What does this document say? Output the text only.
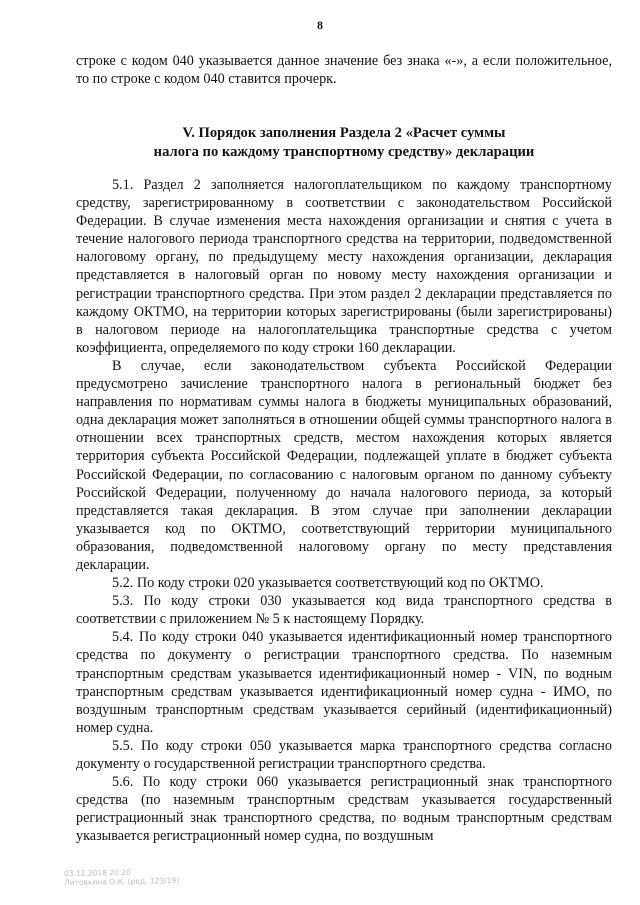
8
строке с кодом 040 указывается данное значение без знака «-», а если положительное, то по строке с кодом 040 ставится прочерк.
V. Порядок заполнения Раздела 2 «Расчет суммы
налога по каждому транспортному средству» декларации

5.1. Раздел 2 заполняется налогоплательщиком по каждому транспортному средству, зарегистрированному в соответствии с законодательством Российской Федерации. В случае изменения места нахождения организации и снятия с учета в течение налогового периода транспортного средства на территории, подведомственной налоговому органу, по предыдущему месту нахождения организации, декларация представляется в налоговый орган по новому месту нахождения организации и регистрации транспортного средства. При этом раздел 2 декларации представляется по каждому ОКТМО, на территории которых зарегистрированы (были зарегистрированы) в налоговом периоде на налогоплательщика транспортные средства с учетом коэффициента, определяемого по коду строки 160 декларации.

В случае, если законодательством субъекта Российской Федерации предусмотрено зачисление транспортного налога в региональный бюджет без направления по нормативам суммы налога в бюджеты муниципальных образований, одна декларация может заполняться в отношении общей суммы транспортного налога в отношении всех транспортных средств, местом нахождения которых является территория субъекта Российской Федерации, подлежащей уплате в бюджет субъекта Российской Федерации, по согласованию с налоговым органом по данному субъекту Российской Федерации, полученному до начала налогового периода, за который представляется такая декларация. В этом случае при заполнении декларации указывается код по ОКТМО, соответствующий территории муниципального образования, подведомственной налоговому органу по месту представления декларации.

5.2. По коду строки 020 указывается соответствующий код по ОКТМО.

5.3. По коду строки 030 указывается код вида транспортного средства в соответствии с приложением № 5 к настоящему Порядку.

5.4. По коду строки 040 указывается идентификационный номер транспортного средства по документу о регистрации транспортного средства. По наземным транспортным средствам указывается идентификационный номер - VIN, по водным транспортным средствам указывается идентификационный номер судна - ИМО, по воздушным транспортным средствам указывается серийный (идентификационный) номер судна.

5.5. По коду строки 050 указывается марка транспортного средства согласно документу о государственной регистрации транспортного средства.

5.6. По коду строки 060 указывается регистрационный знак транспортного средства (по наземным транспортным средствам указывается государственный регистрационный знак транспортного средства, по водным транспортным средствам указывается регистрационный номер судна, по воздушным

03.12.2018 20:20
Литовкина О.К. (ред. 123/19)
